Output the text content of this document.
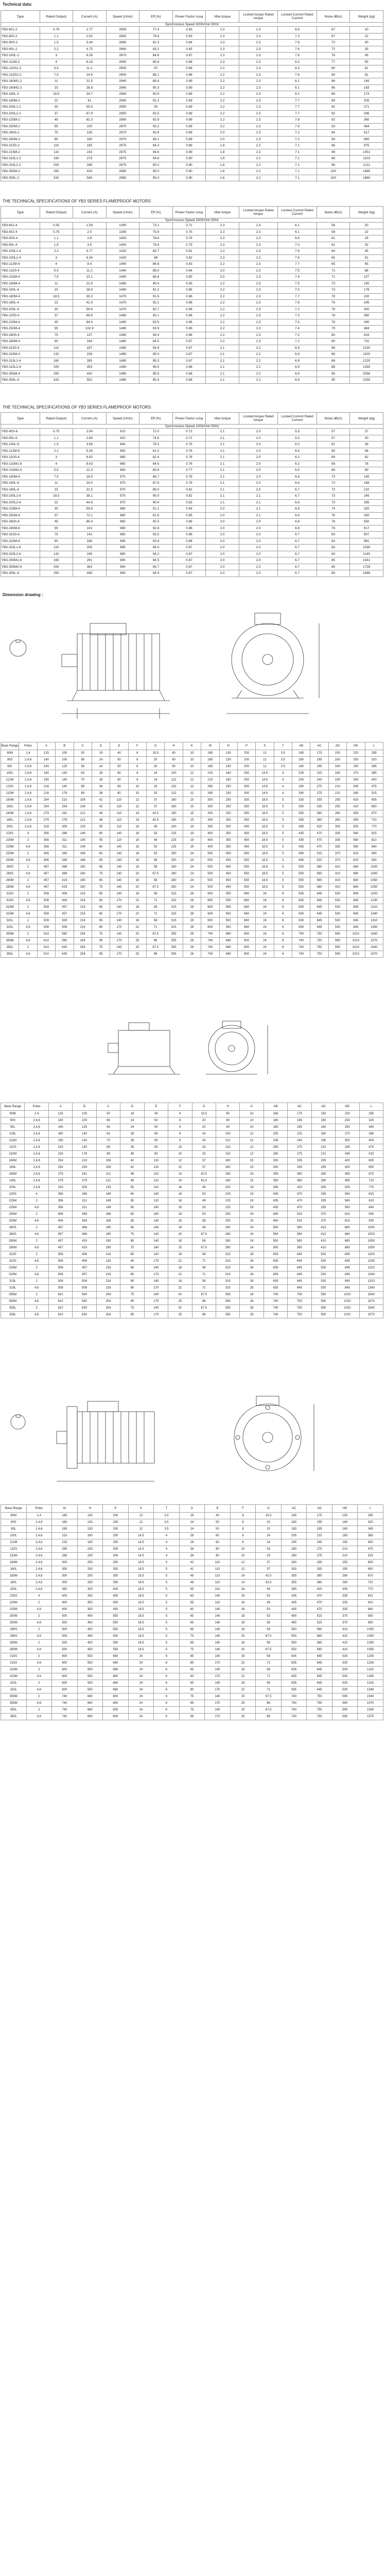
Technical data:
Type	Rated Output(	Current (A)	Speed (r/min)	Eff (%)	Power Factor cosφ	Vibe torque	Locked torque Rated torque	Locked Current Rated Current	Noise dB(A)	Weight (kg)
Synchronous Speed 3000r/min 50Hz										
YB3-801-2	0.75	1.77	2855	77.4	0.83	2.3	2.3	6.8	67	20
YB3-802-2	1.1	2.52	2855	79.6	0.83	2.3	2.3	7.3	67	22
YB3-90S-2	1.5	3.44	2860	81.3	0.84	2.3	2.3	7.6	72	30
YB3-90L-2	2.2	4.75	2860	83.2	0.85	2.3	2.3	7.6	72	35
YB3-100L-2	3	6.26	2870	84.6	0.87	2.3	2.3	7.8	76	45
YB3-112M-2	4	8.18	2890	85.8	0.88	2.3	2.3	8.3	77	55
YB3-132S1-2	5.5	11.1	2900	87	0.88	2.2	2.3	8.3	80	81
YB3-132S2-2	7.5	14.9	2900	88.1	0.88	2.2	2.3	7.9	80	91
YB3-160M1-2	11	21.5	2940	89.4	0.89	2.2	2.3	8.1	86	145
YB3-160M2-2	15	28.8	2940	90.3	0.89	2.2	2.3	8.1	86	163
YB3-160L-2	18.5	34.7	2940	90.9	0.89	2.2	2.3	8.2	86	173
YB3-180M-2	22	41	2940	91.3	0.89	2.2	2.3	7.7	89	205
YB3-200L1-2	30	55.5	2950	92	0.89	2.2	2.3	7.7	92	271
YB3-200L2-2	37	67.9	2950	92.5	0.89	2.2	2.3	7.7	92	296
YB3-225M-2	45	82.3	2960	92.9	0.89	2.2	2.3	7.8	92	360
YB3-250M-2	55	100	2970	93.2	0.89	2.2	2.3	7.8	93	464
YB3-280S-2	75	135	2970	93.8	0.89	2.0	2.3	7.2	94	617
YB3-280M-2	90	160	2970	94.1	0.89	2.0	2.3	7.2	94	665
YB3-315S-2	110	195	2975	94.3	0.89	1.8	2.2	7.1	96	975
YB3-315M-2	132	233	2975	94.6	0.89	1.8	2.2	7.1	96	1051
YB3-315L1-2	160	279	2975	94.8	0.90	1.8	2.2	7.1	96	1103
YB3-315L2-2	200	348	2975	95.0	0.90	1.8	2.2	7.1	96	1211
YB3-355M-2	250	433	2980	95.0	0.90	1.6	2.2	7.1	100	1665
YB3-355L-2	315	545	2980	95.0	0.90	1.6	2.2	7.1	100	1880
THE TECHNICAL SPECIFICATIONS OF YB3 SERIES FLAMEPROOF MOTORS
Type	Rated Output(	Current (A)	Speed (r/min)	Eff (%)	Power Factor cosφ	Vibe torque	Locked torque Rated torque	Locked Current Rated Current	Noise dB(A)	Weight (kg)
Synchronous Speed 1500r/min 50Hz										
YB3-801-4	0.55	1.59	1390	73.1	0.71	2.3	2.4	6.1	56	20
YB3-802-4	0.75	2.0	1390	75.9	0.75	2.3	2.3	6.1	58	22
YB3-90S-4	1.1	2.8	1400	78.6	0.76	2.3	2.3	6.8	61	28
YB3-90L-4	1.5	3.5	1400	79.8	0.79	2.3	2.3	7.0	61	32
YB3-100L1-4	2.2	4.77	1420	84.7	0.81	2.3	2.3	7.6	64	45
YB3-100L2-4	3	6.34	1420	86	0.82	2.3	2.3	7.6	65	51
YB3-112M-4	4	8.4	1440	86.8	0.83	2.2	2.3	7.7	65	65
YB3-132S-4	5.5	11.2	1440	88.0	0.84	2.0	2.3	7.5	71	88
YB3-132M-4	7.5	15.1	1440	88.8	0.85	2.0	2.3	7.4	71	107
YB3-160M-4	11	21.5	1460	90.4	0.85	2.2	2.3	7.5	73	155
YB3-160L-4	15	28.8	1460	91.2	0.86	2.2	2.3	7.5	73	178
YB3-180M-4	18.5	35.3	1470	91.6	0.86	2.2	2.3	7.7	76	220
YB3-180L-4	22	41.9	1470	92.1	0.86	2.2	2.3	7.8	76	245
YB3-200L-4	30	56.6	1470	92.7	0.86	2.2	2.3	7.2	76	300
YB3-225S-4	37	69.6	1480	93.1	0.86	2.2	2.3	7.3	78	365
YB3-225M-4	45	84.4	1480	93.5	0.86	2.2	2.3	7.4	78	390
YB3-250M-4	55	102.9	1480	93.9	0.86	2.2	2.3	7.4	79	484
YB3-280S-4	75	137	1480	94.4	0.86	2.2	2.3	7.2	80	633
YB3-280M-4	90	164	1480	94.5	0.87	2.2	2.3	7.2	80	731
YB3-315S-4	110	197	1480	94.9	0.87	2.1	2.2	6.9	88	1020
YB3-315M-4	132	236	1480	95.0	0.87	2.1	2.2	6.9	88	1100
YB3-315L1-4	160	285	1480	95.3	0.87	2.1	2.2	6.9	88	1220
YB3-315L2-4	200	353	1480	95.5	0.88	2.1	2.2	6.9	88	1350
YB3-355M-4	250	442	1485	95.5	0.88	2.1	2.2	6.9	95	2056
YB3-355L-4	315	552	1485	95.5	0.88	2.1	2.2	6.9	95	2255
THE TECHNICAL SPECIFICATIONS OF YB3 SERIES FLAMEPROOF MOTORS
Type	Rated Output(	Current (A)	Speed (r/min)	Eff (%)	Power Factor cosφ	Vibe torque	Locked torque Rated torque	Locked Current Rated Current	Noise dB(A)	Weight (kg)
Synchronous Speed 1000r/min 50Hz										
YB3-90S-6	0.75	2.04	910	72.0	0.72	2.1	2.0	5.5	57	27
YB3-90L-6	1.1	2.89	910	74.8	0.72	2.1	2.0	5.5	57	30
YB3-100L-6	1.5	3.68	940	78.3	0.75	2.1	2.0	6.0	61	39
YB3-112M-6	2.2	5.28	950	81.0	0.76	2.1	2.0	6.4	65	48
YB3-132S-6	3	6.92	960	82.4	0.76	2.1	2.0	6.2	69	62
YB3-132M1-6	4	9.03	960	84.5	0.76	2.1	2.0	6.2	69	78
YB3-132M2-6	5.5	12.3	960	85.8	0.77	2.1	2.0	6.5	69	90
YB3-160M-6	7.5	16.5	970	86.7	0.78	2.1	2.0	6.6	73	145
YB3-160L-6	11	24.0	970	87.6	0.78	2.1	2.0	6.6	73	168
YB3-180L-6	15	31.5	970	89.0	0.81	2.1	2.0	6.7	73	210
YB3-200L1-6	18.5	38.1	970	90.0	0.82	2.1	2.1	6.7	73	245
YB3-200L2-6	22	44.8	970	90.4	0.83	2.1	2.1	6.8	73	265
YB3-225M-6	30	59.8	980	91.2	0.84	2.0	2.1	6.8	74	320
YB3-250M-6	37	72.1	980	91.6	0.85	2.0	2.1	6.8	76	430
YB3-280S-6	45	85.4	980	92.5	0.86	2.0	2.0	6.8	78	550
YB3-280M-6	55	103	980	92.8	0.86	2.0	2.0	6.8	78	617
YB3-315S-6	75	141	985	93.5	0.86	2.0	2.0	6.7	83	907
YB3-315M-6	90	168	985	93.8	0.86	2.0	2.0	6.7	83	961
YB3-315L1-6	110	205	985	94.0	0.87	2.0	2.0	6.7	83	1030
YB3-315L2-6	132	245	985	94.2	0.87	2.0	2.0	6.7	83	1140
YB3-355M1-6	160	291	990	94.5	0.87	2.0	2.0	6.7	85	1541
YB3-355M2-6	200	363	990	94.7	0.87	2.0	2.0	6.7	85	1728
YB3-355L-6	250	449	990	94.9	0.87	2.0	2.0	6.7	85	1948
Dimension drawing :
Base Range	Poles	A	B	C	D	E	F	G	H	K	M	N	P	S	T	AB	AC	AD	HD	L
80M	2,4	125	100	50	19	40	6	15.5	80	10	165	130	200	12	3.5	165	175	150	220	295
90S	2,4,6	140	100	56	24	50	8	20	90	10	165	130	200	12	3.5	180	195	160	250	320
90L	2,4,6	140	125	56	24	50	8	20	90	10	165	130	200	12	3.5	180	195	160	250	345
100L	2,4,6	160	140	63	28	60	8	24	100	12	215	180	250	14.5	4	205	215	180	270	385
112M	2,4,6	190	140	70	28	60	8	24	112	12	215	180	250	14.5	4	245	240	190	300	400
132S	2,4,6	216	140	89	38	80	10	33	132	12	265	230	300	14.5	4	280	275	210	345	475
132M	2,4,6	216	178	89	38	80	10	33	132	12	265	230	300	14.5	4	280	275	210	345	515
160M	2,4,6	254	210	108	42	110	12	37	160	15	300	250	350	18.5	5	330	335	255	420	605
160L	2,4,6	254	254	108	42	110	12	37	160	15	300	250	350	18.5	5	330	335	255	420	650
180M	2,4,6	279	241	121	48	110	14	42.5	180	15	300	250	350	18.5	5	355	380	280	455	670
180L	2,4,6	279	279	121	48	110	14	42.5	180	15	300	250	350	18.5	5	355	380	280	455	710
200L	2,4,6	318	305	133	55	110	16	49	200	19	350	300	400	18.5	5	395	420	305	505	770
225S	4	356	286	149	60	140	18	53	225	19	400	350	450	18.5	5	435	470	335	560	815
225M	2	356	311	149	55	110	16	49	225	19	400	350	450	18.5	5	435	470	335	560	810
225M	4,6	356	311	149	60	140	18	53	225	19	400	350	450	18.5	5	435	470	335	560	840
250M	2	406	349	168	60	140	18	53	250	24	500	450	550	18.5	5	490	515	370	615	930
250M	4,6	406	349	168	65	140	18	58	250	24	500	450	550	18.5	5	490	515	370	615	930
280S	2	457	368	190	65	140	18	58	280	24	500	450	550	18.5	5	550	580	410	680	1000
280S	4,6	457	368	190	75	140	20	67.5	280	24	500	450	550	18.5	5	550	580	410	680	1000
280M	2	457	419	190	65	140	18	58	280	24	500	450	550	18.5	5	550	580	410	680	1050
280M	4,6	457	419	190	75	140	20	67.5	280	24	500	450	550	18.5	5	550	580	410	680	1050
315S	2	508	406	216	65	140	18	58	315	28	600	550	660	24	6	635	645	530	845	1200
315S	4,6	508	406	216	80	170	22	71	315	28	600	550	660	24	6	635	645	530	845	1230
315M	2	508	457	216	65	140	18	58	315	28	600	550	660	24	6	635	645	530	845	1310
315M	4,6	508	457	216	80	170	22	71	315	28	600	550	660	24	6	635	645	530	845	1340
315L	2	508	508	216	65	140	18	58	315	28	600	550	660	24	6	635	645	530	845	1310
315L	4,6	508	508	216	80	170	22	71	315	28	600	550	660	24	6	635	645	530	845	1340
355M	2	610	560	254	75	140	20	67.5	355	28	740	680	800	24	6	740	750	590	1010	1540
355M	4,6	610	560	254	95	170	25	86	355	28	740	680	800	24	6	740	750	590	1010	1570
355L	2	610	630	254	75	140	20	67.5	355	28	740	680	800	24	6	740	750	590	1010	1540
355L	4,6	610	630	254	95	170	25	86	355	28	740	680	800	24	6	740	750	590	1010	1570
Base Range	Poles	A	B	C	D	E	F	G	H	K	AB	AC	AD	HD	L
80M	2,4	125	100	50	19	40	6	15.5	80	10	165	175	150	220	295
90S	2,4,6	140	100	56	24	50	8	20	90	10	180	195	160	250	320
90L	2,4,6	140	125	56	24	50	8	20	90	10	180	195	160	250	345
100L	2,4,6	160	140	63	28	60	8	24	100	12	205	215	180	270	385
112M	2,4,6	190	140	70	28	60	8	24	112	12	245	240	190	300	400
132S	2,4,6	216	140	89	38	80	10	33	132	12	280	275	210	345	475
132M	2,4,6	216	178	89	38	80	10	33	132	12	280	275	210	345	515
160M	2,4,6	254	210	108	42	110	12	37	160	15	330	335	255	420	605
160L	2,4,6	254	254	108	42	110	12	37	160	15	330	335	255	420	650
180M	2,4,6	279	241	121	48	110	14	42.5	180	15	355	380	280	455	670
180L	2,4,6	279	279	121	48	110	14	42.5	180	15	355	380	280	455	710
200L	2,4,6	318	305	133	55	110	16	49	200	19	395	420	305	505	770
225S	4	356	286	149	60	140	18	53	225	19	435	470	335	560	815
225M	2	356	311	149	55	110	16	49	225	19	435	470	335	560	810
225M	4,6	356	311	149	60	140	18	53	225	19	435	470	335	560	840
250M	2	406	349	168	60	140	18	53	250	24	490	515	370	615	930
250M	4,6	406	349	168	65	140	18	58	250	24	490	515	370	615	930
280S	2	457	368	190	65	140	18	58	280	24	550	580	410	680	1000
280S	4,6	457	368	190	75	140	20	67.5	280	24	550	580	410	680	1000
280M	2	457	419	190	65	140	18	58	280	24	550	580	410	680	1050
280M	4,6	457	419	190	75	140	20	67.5	280	24	550	580	410	680	1050
315S	2	508	406	216	65	140	18	58	315	28	635	645	530	845	1200
315S	4,6	508	406	216	80	170	22	71	315	28	635	645	530	845	1230
315M	2	508	457	216	65	140	18	58	315	28	635	645	530	845	1310
315M	4,6	508	457	216	80	170	22	71	315	28	635	645	530	845	1340
315L	2	508	508	216	65	140	18	58	315	28	635	645	530	845	1310
315L	4,6	508	508	216	80	170	22	71	315	28	635	645	530	845	1340
355M	2	610	560	254	75	140	20	67.5	355	28	740	750	590	1010	1540
355M	4,6	610	560	254	95	170	25	86	355	28	740	750	590	1010	1570
355L	2	610	630	254	75	140	20	67.5	355	28	740	750	590	1010	1540
355L	4,6	610	630	254	95	170	25	86	355	28	740	750	590	1010	1570
Base Range	Poles	M	N	P	S	T	D	E	F	G	AC	AD	HE	L
80M	2,4	165	130	200	12	3.5	19	40	6	15.5	165	175	150	295
90S	2,4,6	165	130	200	12	3.5	24	50	8	20	180	195	160	320
90L	2,4,6	165	130	200	12	3.5	24	50	8	20	180	195	160	345
100L	2,4,6	215	180	250	14.5	4	28	60	8	24	205	215	180	385
112M	2,4,6	215	180	250	14.5	4	28	60	8	24	245	240	190	400
132S	2,4,6	265	230	300	14.5	4	38	80	10	33	280	275	210	475
132M	2,4,6	265	230	300	14.5	4	38	80	10	33	280	275	210	515
160M	2,4,6	300	250	350	18.5	5	42	110	12	37	330	335	255	605
160L	2,4,6	300	250	350	18.5	5	42	110	12	37	330	335	255	650
180M	2,4,6	300	250	350	18.5	5	48	110	14	42.5	355	380	280	670
180L	2,4,6	300	250	350	18.5	5	48	110	14	42.5	355	380	280	710
200L	2,4,6	350	300	400	18.5	5	55	110	16	49	395	420	305	770
225S	4	400	350	450	18.5	5	60	140	18	53	435	470	335	815
225M	2	400	350	450	18.5	5	55	110	16	49	435	470	335	810
225M	4,6	400	350	450	18.5	5	60	140	18	53	435	470	335	840
250M	2	500	450	550	18.5	5	60	140	18	53	490	515	370	930
250M	4,6	500	450	550	18.5	5	65	140	18	58	490	515	370	930
280S	2	500	450	550	18.5	5	65	140	18	58	550	580	410	1000
280S	4,6	500	450	550	18.5	5	75	140	20	67.5	550	580	410	1000
280M	2	500	450	550	18.5	5	65	140	18	58	550	580	410	1050
280M	4,6	500	450	550	18.5	5	75	140	20	67.5	550	580	410	1050
315S	2	600	550	660	24	6	65	140	18	58	635	645	530	1200
315S	4,6	600	550	660	24	6	80	170	22	71	635	645	530	1230
315M	2	600	550	660	24	6	65	140	18	58	635	645	530	1310
315M	4,6	600	550	660	24	6	80	170	22	71	635	645	530	1340
315L	2	600	550	660	24	6	65	140	18	58	635	645	530	1310
315L	4,6	600	550	660	24	6	80	170	22	71	635	645	530	1340
355M	2	740	680	800	24	6	75	140	20	67.5	740	750	590	1540
355M	4,6	740	680	800	24	6	95	170	25	86	740	750	590	1570
355L	2	740	680	800	24	6	75	140	20	67.5	740	750	590	1540
355L	4,6	740	680	800	24	6	95	170	25	86	740	750	590	1570
